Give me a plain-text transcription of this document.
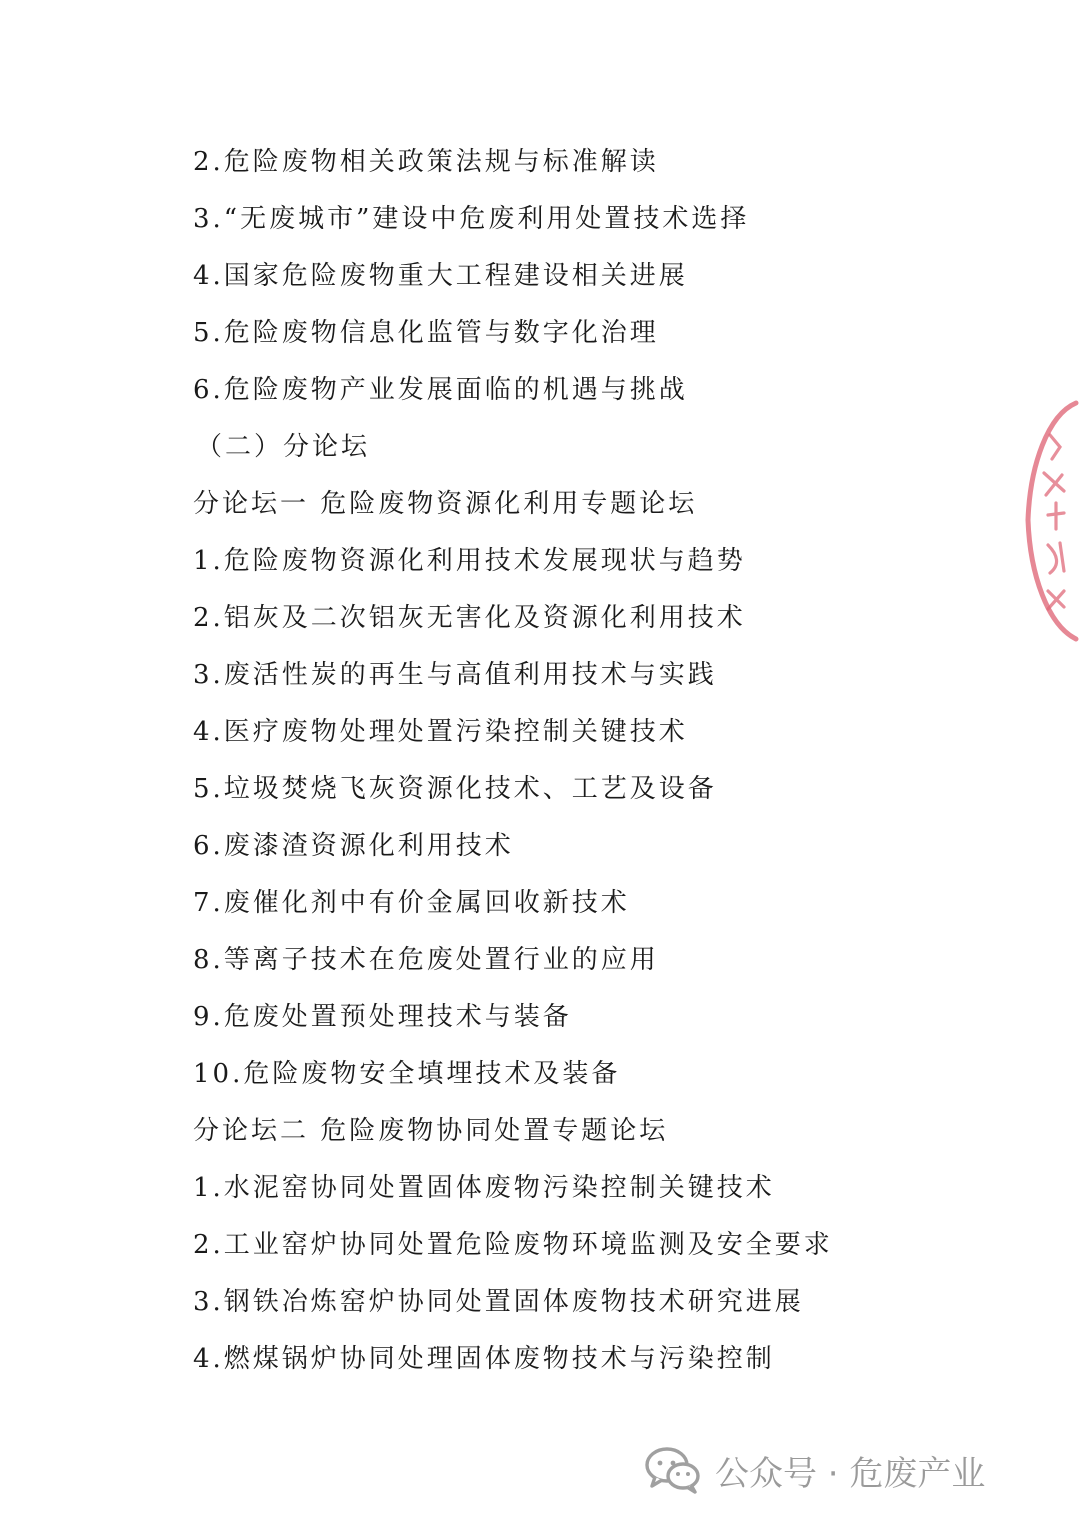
2.危险废物相关政策法规与标准解读
3.“无废城市”建设中危废利用处置技术选择
4.国家危险废物重大工程建设相关进展
5.危险废物信息化监管与数字化治理
6.危险废物产业发展面临的机遇与挑战
（二）分论坛
分论坛一 危险废物资源化利用专题论坛
1.危险废物资源化利用技术发展现状与趋势
2.铝灰及二次铝灰无害化及资源化利用技术
3.废活性炭的再生与高值利用技术与实践
4.医疗废物处理处置污染控制关键技术
5.垃圾焚烧飞灰资源化技术、工艺及设备
6.废漆渣资源化利用技术
7.废催化剂中有价金属回收新技术
8.等离子技术在危废处置行业的应用
9.危废处置预处理技术与装备
10.危险废物安全填埋技术及装备
分论坛二 危险废物协同处置专题论坛
1.水泥窑协同处置固体废物污染控制关键技术
2.工业窑炉协同处置危险废物环境监测及安全要求
3.钢铁冶炼窑炉协同处置固体废物技术研究进展
4.燃煤锅炉协同处理固体废物技术与污染控制
公众号 · 危废产业
